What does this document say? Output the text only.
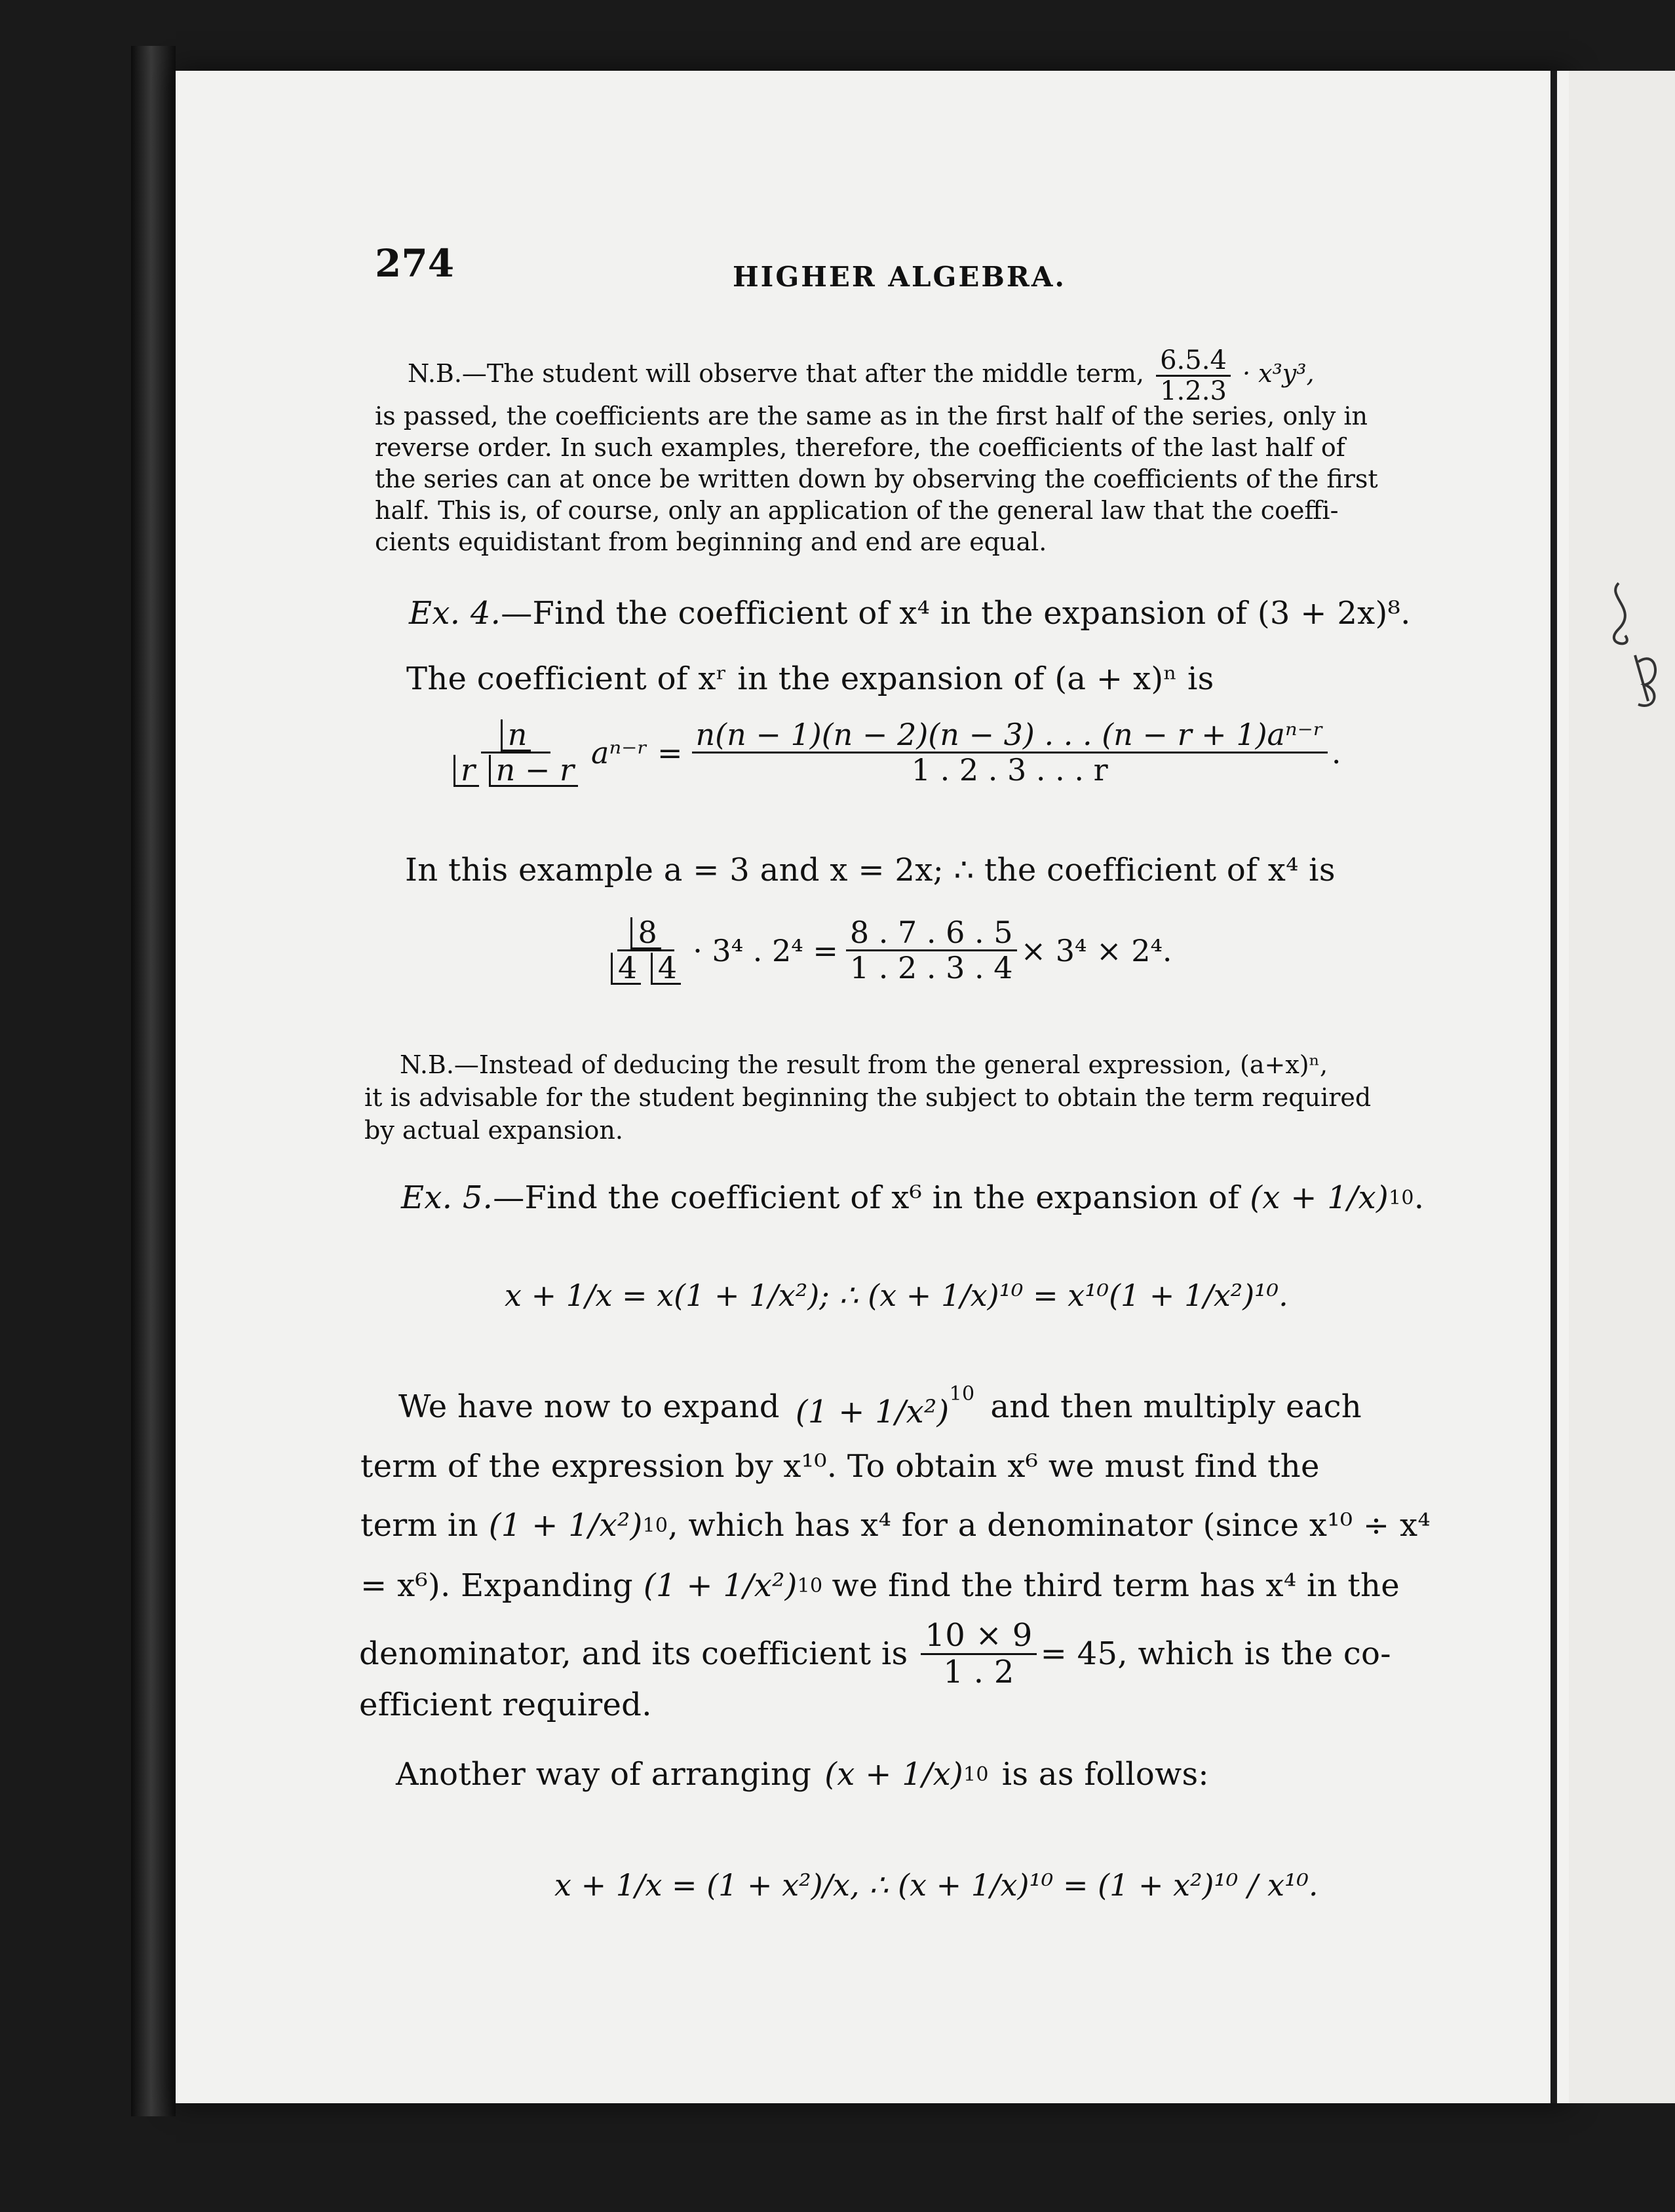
274	HIGHER ALGEBRA.
N.B.—The student will observe that after the middle term, $\frac{6.5.4}{1.2.3} \cdot x^3y^3$,
is passed, the coefficients are the same as in the first half of the series, only in
reverse order. In such examples, therefore, the coefficients of the last half of
the series can at once be written down by observing the coefficients of the first
half. This is, of course, only an application of the general law that the coeffi-
cients equidistant from beginning and end are equal.
Ex. 4.—Find the coefficient of x⁴ in the expansion of (3 + 2x)⁸.
The coefficient of xʳ in the expansion of (a + x)ⁿ is
$\frac{n}{\text{r n − r}}$ aⁿ⁻ʳ = $\frac{\text{n(n − 1)(n − 2)(n − 3) . . . (n − r + 1)aⁿ⁻ʳ}}{1 . 2 . 3 . . . r}$ .
In this example a = 3 and x = 2x; ∴ the coefficient of x⁴ is
$\frac{8}{4 4} \cdot 3^4$ . $2^4 = \frac{8 . 7 . 6 . 5}{1 . 2 . 3 . 4} \times 3^4 \times 2^4$.
N.B.—Instead of deducing the result from the general expression, (a+x)ⁿ,
it is advisable for the student beginning the subject to obtain the term required
by actual expansion.
Ex. 5. —Find the coefficient of x⁶ in the expansion of (x + 1/x) 10 .
x + 1/x = x(1 + 1/x²); ∴ (x + 1/x)¹⁰ = x¹⁰(1 + 1/x²)¹⁰.
We have now to expand $(1 + 1/x^2)^{10}$ and then multiply each
term of the expression by x¹⁰. To obtain x⁶ we must find the
term in (1 + 1/x²) 10 , which has x⁴ for a denominator (since x¹⁰ ÷ x⁴
= x⁶). Expanding (1 + 1/x²) 10 we find the third term has x⁴ in the
denominator, and its coefficient is $\frac{10 \times 9}{1 . 2} = 45$, which is the co-
efficient required.
Another way of arranging (x + 1/x) 10 is as follows:
x + 1/x = (1 + x²)/x, ∴ (x + 1/x)¹⁰ = (1 + x²)¹⁰ / x¹⁰.
